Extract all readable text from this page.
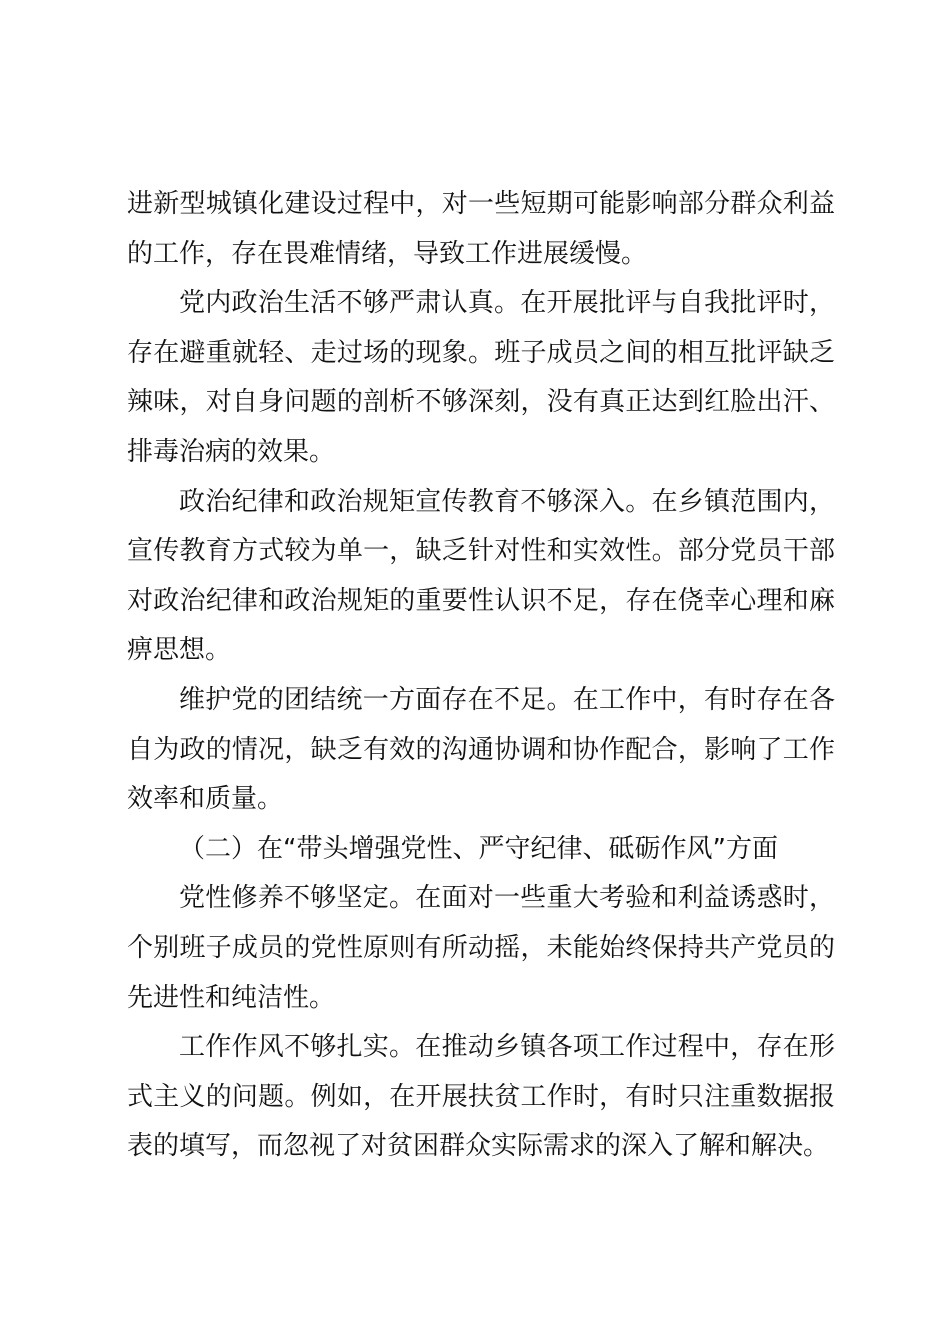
进新型城镇化建设过程中，对一些短期可能影响部分群众利益的工作，存在畏难情绪，导致工作进展缓慢。

党内政治生活不够严肃认真。在开展批评与自我批评时，存在避重就轻、走过场的现象。班子成员之间的相互批评缺乏辣味，对自身问题的剖析不够深刻，没有真正达到红脸出汗、排毒治病的效果。

政治纪律和政治规矩宣传教育不够深入。在乡镇范围内，宣传教育方式较为单一，缺乏针对性和实效性。部分党员干部对政治纪律和政治规矩的重要性认识不足，存在侥幸心理和麻痹思想。

维护党的团结统一方面存在不足。在工作中，有时存在各自为政的情况，缺乏有效的沟通协调和协作配合，影响了工作效率和质量。

（二）在“带头增强党性、严守纪律、砥砺作风”方面

党性修养不够坚定。在面对一些重大考验和利益诱惑时，个别班子成员的党性原则有所动摇，未能始终保持共产党员的先进性和纯洁性。

工作作风不够扎实。在推动乡镇各项工作过程中，存在形式主义的问题。例如，在开展扶贫工作时，有时只注重数据报表的填写，而忽视了对贫困群众实际需求的深入了解和解决。
